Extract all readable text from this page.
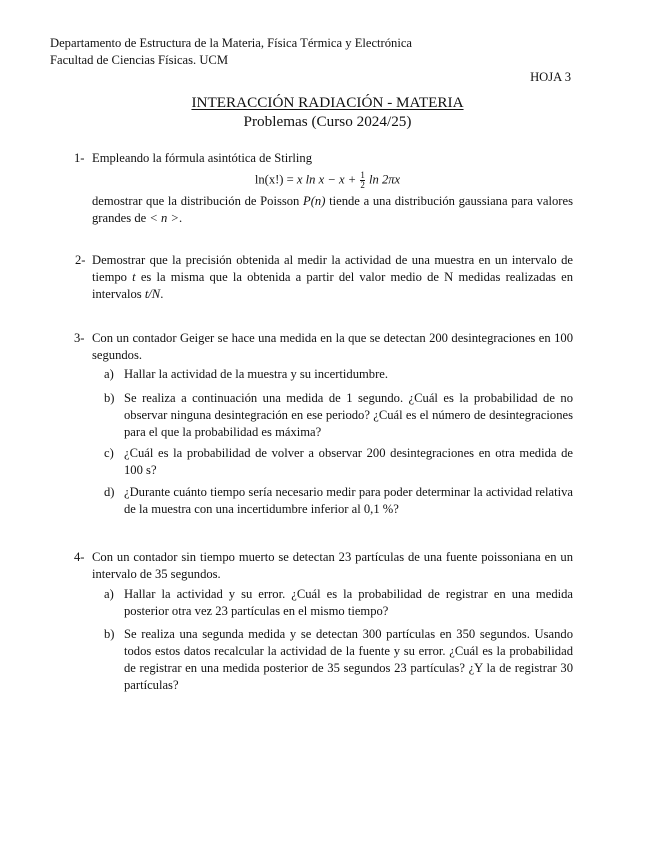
Departamento de Estructura de la Materia, Física Térmica y Electrónica
Facultad de Ciencias Físicas. UCM
HOJA 3
INTERACCIÓN RADIACIÓN - MATERIA
Problemas (Curso 2024/25)
1- Empleando la fórmula asintótica de Stirling
ln(x!) = x $\ln x - x + \frac{1}{2}$ ln 2πx
demostrar que la distribución de Poisson P(n) tiende a una distribución gaussiana para valores grandes de < n >.
2- Demostrar que la precisión obtenida al medir la actividad de una muestra en un intervalo de tiempo t es la misma que la obtenida a partir del valor medio de N medidas realizadas en intervalos t/N.
3- Con un contador Geiger se hace una medida en la que se detectan 200 desintegraciones en 100 segundos.
a) Hallar la actividad de la muestra y su incertidumbre.
b) Se realiza a continuación una medida de 1 segundo. ¿Cuál es la probabilidad de no observar ninguna desintegración en ese periodo? ¿Cuál es el número de desintegraciones para el que la probabilidad es máxima?
c) ¿Cuál es la probabilidad de volver a observar 200 desintegraciones en otra medida de 100 s?
d) ¿Durante cuánto tiempo sería necesario medir para poder determinar la actividad relativa de la muestra con una incertidumbre inferior al 0,1 %?
4- Con un contador sin tiempo muerto se detectan 23 partículas de una fuente poissoniana en un intervalo de 35 segundos.
a) Hallar la actividad y su error. ¿Cuál es la probabilidad de registrar en una medida posterior otra vez 23 partículas en el mismo tiempo?
b) Se realiza una segunda medida y se detectan 300 partículas en 350 segundos. Usando todos estos datos recalcular la actividad de la fuente y su error. ¿Cuál es la probabilidad de registrar en una medida posterior de 35 segundos 23 partículas? ¿Y la de registrar 30 partículas?
